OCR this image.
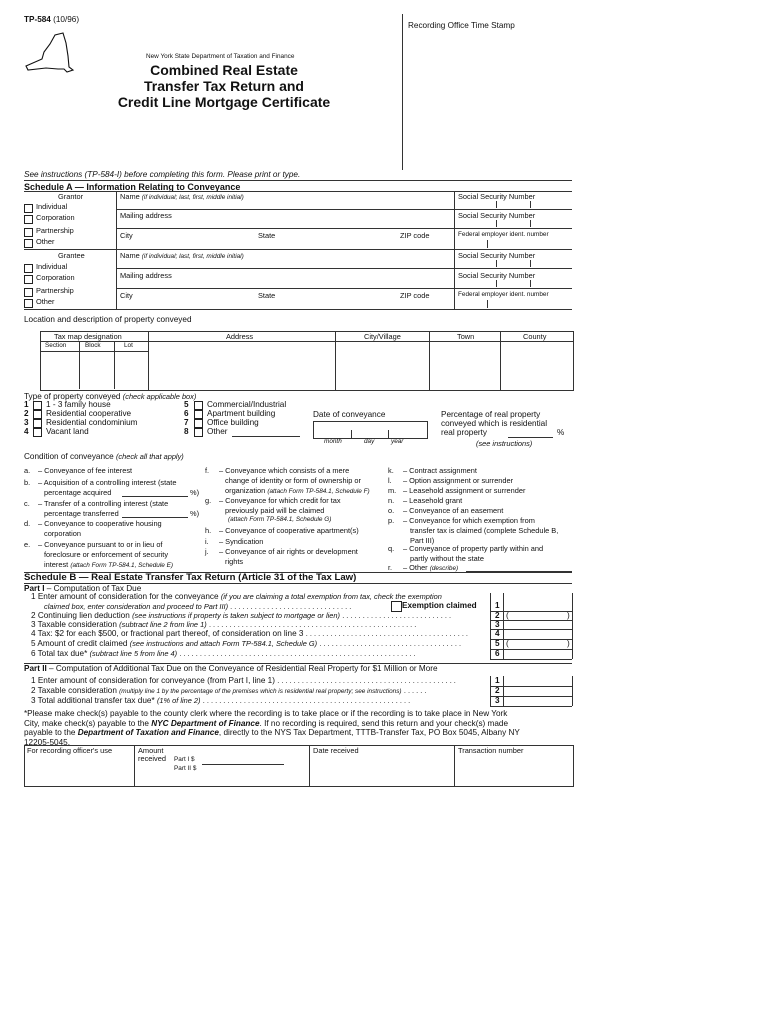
TP-584 (10/96)
Recording Office Time Stamp
New York State Department of Taxation and Finance
Combined Real Estate
Transfer Tax Return and
Credit Line Mortgage Certificate
See instructions (TP-584-I) before completing this form. Please print or type.
Schedule A — Information Relating to Conveyance
Grantor
Individual
Corporation
Partnership
Other
Name (if individual; last, first, middle initial)
Mailing address
City	State	ZIP code
Social Security Number
Social Security Number
Federal employer ident. number
Grantee
Individual
Corporation
Partnership
Other
Name (if individual; last, first, middle initial)
Mailing address
City	State	ZIP code
Social Security Number
Social Security Number
Federal employer ident. number
Location and description of property conveyed
Tax map designation
Section	Block	Lot
Address	City/Village	Town	County
Type of property conveyed (check applicable box)
1 1 - 3 family house
2 Residential cooperative
3 Residential condominium
4 Vacant land
5 Commercial/Industrial
6 Apartment building
7 Office building
8 Other
Date of conveyance
month	day	year
Percentage of real property
conveyed which is residential
real property	%
(see instructions)
Condition of conveyance (check all that apply)
a. – Conveyance of fee interest
b. – Acquisition of a controlling interest (state
percentage acquired	%)
c. – Transfer of a controlling interest (state
percentage transferred	%)
d. – Conveyance to cooperative housing
corporation
e. – Conveyance pursuant to or in lieu of
foreclosure or enforcement of security
interest (attach Form TP-584.1, Schedule E)
f. – Conveyance which consists of a mere
change of identity or form of ownership or
organization (attach Form TP-584.1, Schedule F)
g. – Conveyance for which credit for tax
previously paid will be claimed
(attach Form TP-584.1, Schedule G)
h. – Conveyance of cooperative apartment(s)
i. – Syndication
j. – Conveyance of air rights or development
rights
k. – Contract assignment
l. – Option assignment or surrender
m. – Leasehold assignment or surrender
n. – Leasehold grant
o. – Conveyance of an easement
p. – Conveyance for which exemption from
transfer tax is claimed (complete Schedule B,
Part III)
q. – Conveyance of property partly within and
partly without the state
r. – Other (describe)
Schedule B — Real Estate Transfer Tax Return (Article 31 of the Tax Law)
Part I – Computation of Tax Due
1 Enter amount of consideration for the conveyance (if you are claiming a total exemption from tax, check the exemption
claimed box, enter consideration and proceed to Part III) . . . . . . . . . . . . . . . . . . . . . . . . . . . . . .	Exemption claimed 1
2 Continuing lien deduction (see instructions if property is taken subject to mortgage or lien) . . . . . . . . . . . . . . . . . . . . . . . . . . .	2 (	)
3 Taxable consideration (subtract line 2 from line 1) . . . . . . . . . . . . . . . . . . . . . . . . . . . . . . . . . . . . . . . . . . . . . . . . . . .	3
4 Tax: $2 for each $500, or fractional part thereof, of consideration on line 3 . . . . . . . . . . . . . . . . . . . . . . . . . . . . . . . . . . . . . . . .	4
5 Amount of credit claimed (see instructions and attach Form TP-584.1, Schedule G) . . . . . . . . . . . . . . . . . . . . . . . . . . . . . . . . . . .	5 (	)
6 Total tax due* (subtract line 5 from line 4) . . . . . . . . . . . . . . . . . . . . . . . . . . . . . . . . . . . . . . . . . . . . . . . . . . . . . . . . . .	6
Part II – Computation of Additional Tax Due on the Conveyance of Residential Real Property for $1 Million or More
1 Enter amount of consideration for conveyance (from Part I, line 1) . . . . . . . . . . . . . . . . . . . . . . . . . . . . . . . . . . . . . . . . . . . .	1
2 Taxable consideration (multiply line 1 by the percentage of the premises which is residential real property; see instructions) . . . . . .	2
3 Total additional transfer tax due* (1% of line 2) . . . . . . . . . . . . . . . . . . . . . . . . . . . . . . . . . . . . . . . . . . . . . . . . . . .	3
*Please make check(s) payable to the county clerk where the recording is to take place or if the recording is to take place in New York
City, make check(s) payable to the NYC Department of Finance. If no recording is required, send this return and your check(s) made
payable to the Department of Taxation and Finance, directly to the NYS Tax Department, TTTB-Transfer Tax, PO Box 5045, Albany NY
12205-5045.
For recording officer's use	Amount
received Part I $
Part II $
Date received	Transaction number
